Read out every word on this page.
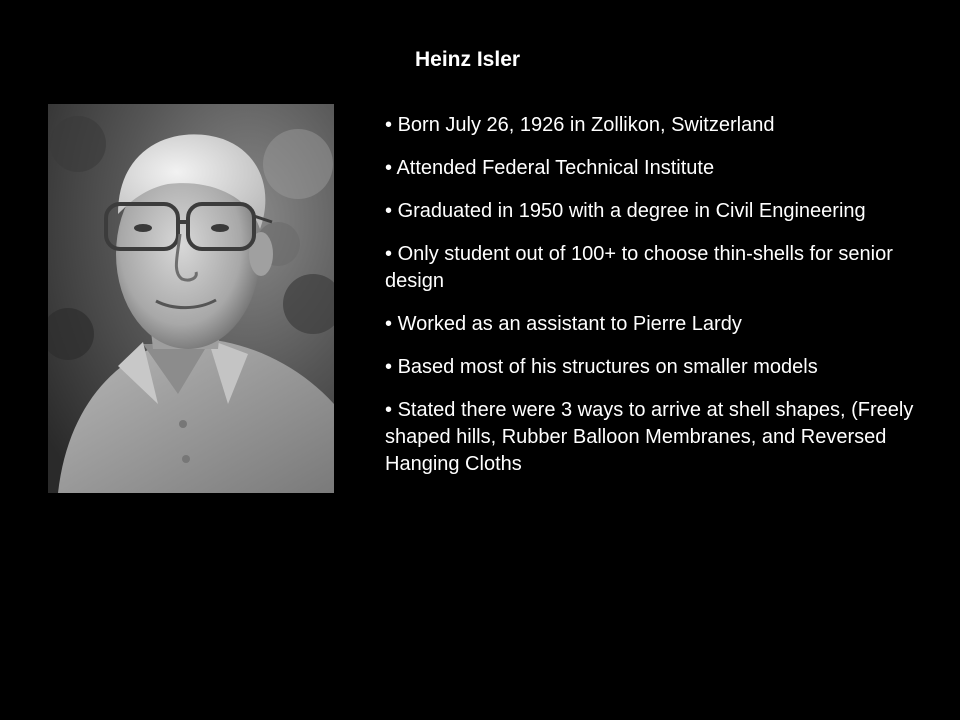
Heinz Isler
• Born July 26, 1926 in Zollikon, Switzerland
• Attended Federal Technical Institute
• Graduated in 1950 with a degree in Civil Engineering
• Only student out of 100+ to choose thin-shells for senior design
• Worked as an assistant to Pierre Lardy
• Based most of his structures on smaller models
• Stated there were 3 ways to arrive at shell shapes, (Freely shaped hills, Rubber Balloon Membranes, and Reversed Hanging Cloths
